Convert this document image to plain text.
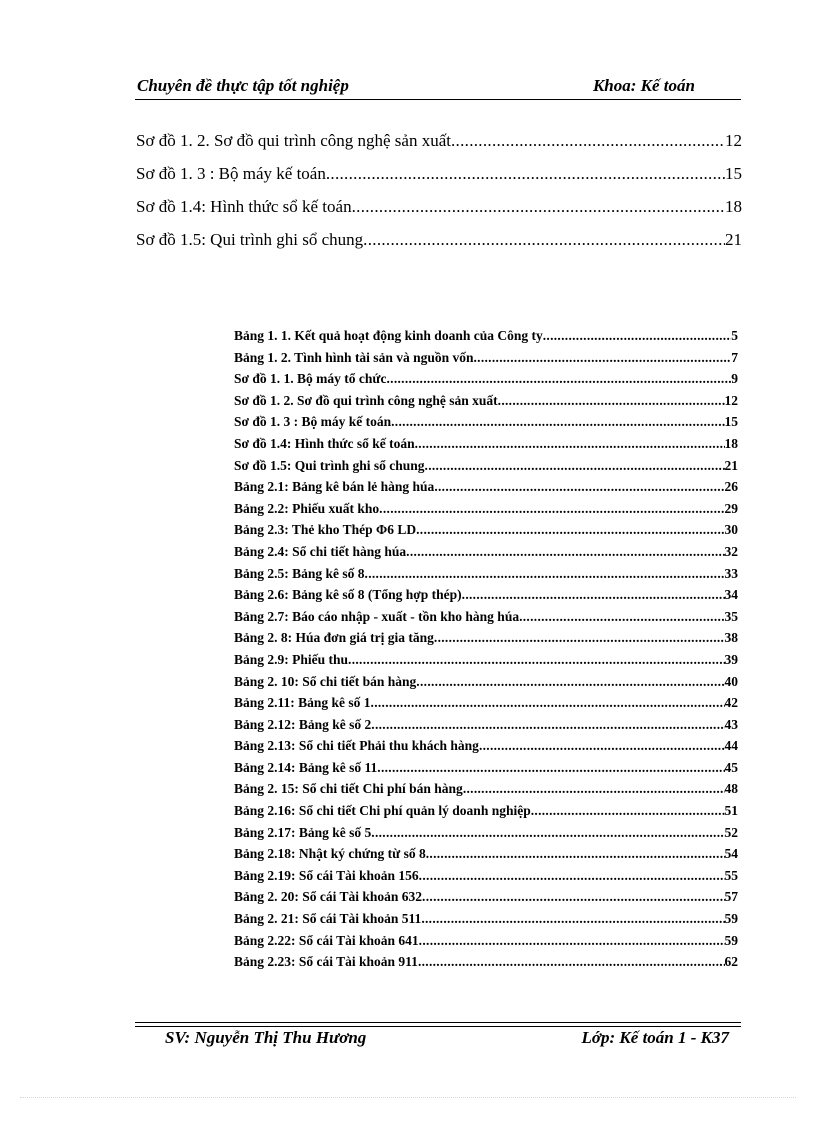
Chuyên đề thực tập tốt nghiệp	Khoa: Kế toán
Sơ đồ 1. 2. Sơ đồ qui trình công nghệ sản xuất .....	12
Sơ đồ 1. 3 : Bộ máy kế toán .....	15
Sơ đồ 1.4: Hình thức sổ kế toán .....	18
Sơ đồ 1.5: Qui trình ghi sổ chung .....	21
Bảng 1. 1. Kết quả hoạt động kinh doanh của Công ty .....	5
Bảng 1. 2. Tình hình tài sản và nguồn vốn .....	7
Sơ đồ 1. 1. Bộ máy tổ chức .....	9
Sơ đồ 1. 2. Sơ đồ qui trình công nghệ sản xuất .....	12
Sơ đồ 1. 3 : Bộ máy kế toán .....	15
Sơ đồ 1.4: Hình thức sổ kế toán .....	18
Sơ đồ 1.5: Qui trình ghi sổ chung .....	21
Bảng 2.1: Bảng kê bán lẻ hàng húa .....	26
Bảng 2.2: Phiếu xuất kho .....	29
Bảng 2.3: Thẻ kho Thép Φ6 LD .....	30
Bảng 2.4: Sổ chi tiết hàng húa .....	32
Bảng 2.5: Bảng kê số 8 .....	33
Bảng 2.6: Bảng kê số 8 (Tổng hợp thép) .....	34
Bảng 2.7: Báo cáo nhập - xuất - tồn kho hàng húa .....	35
Bảng 2. 8: Húa đơn giá trị gia tăng .....	38
Bảng 2.9: Phiếu thu .....	39
Bảng 2. 10: Sổ chi tiết bán hàng .....	40
Bảng 2.11: Bảng kê số 1 .....	42
Bảng 2.12: Bảng kê số 2 .....	43
Bảng 2.13: Sổ chi tiết Phải thu khách hàng .....	44
Bảng 2.14: Bảng kê số 11 .....	45
Bảng 2. 15: Sổ chi tiết Chi phí bán hàng .....	48
Bảng 2.16: Sổ chi tiết Chi phí quản lý doanh nghiệp .....	51
Bảng 2.17: Bảng kê số 5 .....	52
Bảng 2.18: Nhật ký chứng từ số 8 .....	54
Bảng 2.19: Sổ cái Tài khoản 156 .....	55
Bảng 2. 20: Sổ cái Tài khoản 632 .....	57
Bảng 2. 21: Sổ cái Tài khoản 511 .....	59
Bảng 2.22: Sổ cái Tài khoản 641 .....	59
Bảng 2.23: Sổ cái Tài khoản 911 .....	62
SV: Nguyễn Thị Thu Hương	Lớp: Kế toán 1 - K37
